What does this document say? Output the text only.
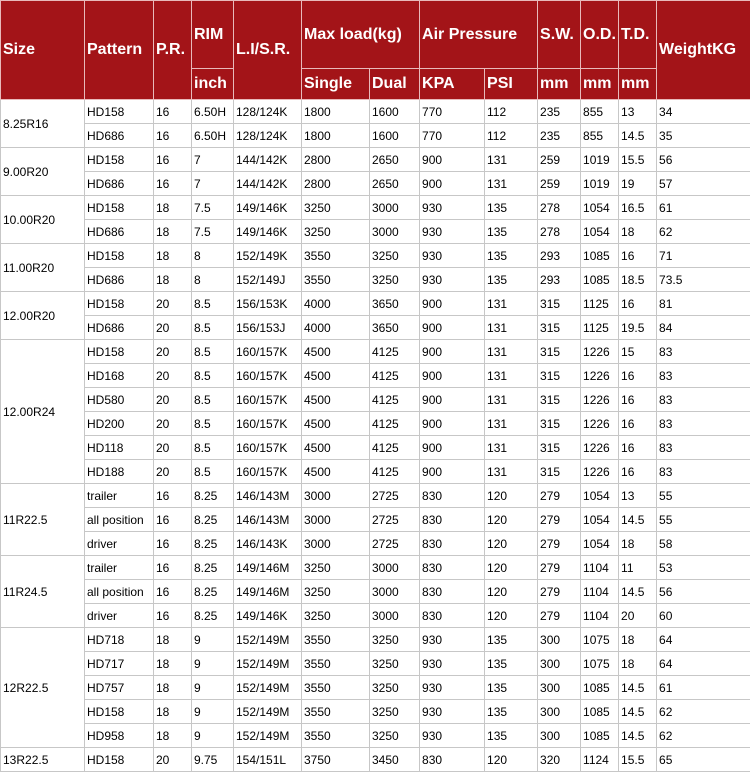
Size	Pattern	P.R.	RIM	L.I/S.R.	Max load(kg)		Air Pressure		S.W.	O.D.	T.D.	WeightKG
			inch		Single	Dual	KPA	PSI	mm	mm	mm	
8.25R16	HD158	16	6.50H	128/124K	1800	1600	770	112	235	855	13	34
	HD686	16	6.50H	128/124K	1800	1600	770	112	235	855	14.5	35
9.00R20	HD158	16	7	144/142K	2800	2650	900	131	259	1019	15.5	56
	HD686	16	7	144/142K	2800	2650	900	131	259	1019	19	57
10.00R20	HD158	18	7.5	149/146K	3250	3000	930	135	278	1054	16.5	61
	HD686	18	7.5	149/146K	3250	3000	930	135	278	1054	18	62
11.00R20	HD158	18	8	152/149K	3550	3250	930	135	293	1085	16	71
	HD686	18	8	152/149J	3550	3250	930	135	293	1085	18.5	73.5
12.00R20	HD158	20	8.5	156/153K	4000	3650	900	131	315	1125	16	81
	HD686	20	8.5	156/153J	4000	3650	900	131	315	1125	19.5	84
12.00R24	HD158	20	8.5	160/157K	4500	4125	900	131	315	1226	15	83
	HD168	20	8.5	160/157K	4500	4125	900	131	315	1226	16	83
	HD580	20	8.5	160/157K	4500	4125	900	131	315	1226	16	83
	HD200	20	8.5	160/157K	4500	4125	900	131	315	1226	16	83
	HD118	20	8.5	160/157K	4500	4125	900	131	315	1226	16	83
	HD188	20	8.5	160/157K	4500	4125	900	131	315	1226	16	83
11R22.5	trailer	16	8.25	146/143M	3000	2725	830	120	279	1054	13	55
	all position	16	8.25	146/143M	3000	2725	830	120	279	1054	14.5	55
	driver	16	8.25	146/143K	3000	2725	830	120	279	1054	18	58
11R24.5	trailer	16	8.25	149/146M	3250	3000	830	120	279	1104	11	53
	all position	16	8.25	149/146M	3250	3000	830	120	279	1104	14.5	56
	driver	16	8.25	149/146K	3250	3000	830	120	279	1104	20	60
12R22.5	HD718	18	9	152/149M	3550	3250	930	135	300	1075	18	64
	HD717	18	9	152/149M	3550	3250	930	135	300	1075	18	64
	HD757	18	9	152/149M	3550	3250	930	135	300	1085	14.5	61
	HD158	18	9	152/149M	3550	3250	930	135	300	1085	14.5	62
	HD958	18	9	152/149M	3550	3250	930	135	300	1085	14.5	62
13R22.5	HD158	20	9.75	154/151L	3750	3450	830	120	320	1124	15.5	65
